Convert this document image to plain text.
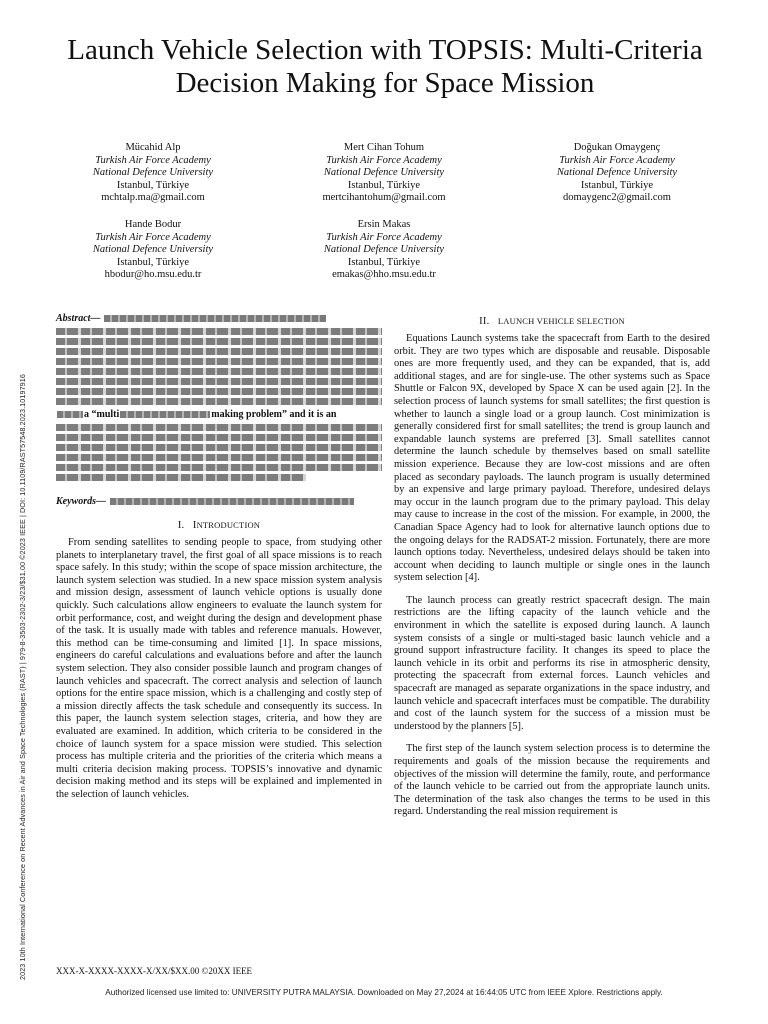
2023 10th International Conference on Recent Advances in Air and Space Technologies (RAST) | 979-8-3503-2302-3/23/$31.00 ©2023 IEEE | DOI: 10.1109/RAST57548.2023.10197916
Launch Vehicle Selection with TOPSIS: Multi-Criteria Decision Making for Space Mission
Mücahid Alp
Turkish Air Force Academy
National Defence University
Istanbul, Türkiye
mchtalp.ma@gmail.com
Mert Cihan Tohum
Turkish Air Force Academy
National Defence University
Istanbul, Türkiye
mertcihantohum@gmail.com
Doğukan Omaygenç
Turkish Air Force Academy
National Defence University
Istanbul, Türkiye
domaygenc2@gmail.com
Hande Bodur
Turkish Air Force Academy
National Defence University
Istanbul, Türkiye
hbodur@ho.msu.edu.tr
Ersin Makas
Turkish Air Force Academy
National Defence University
Istanbul, Türkiye
emakas@hho.msu.edu.tr
Abstract—
a “multi	making problem” and it is an
Keywords—
I. INTRODUCTION

From sending satellites to sending people to space, from studying other planets to interplanetary travel, the first goal of all space missions is to reach space safely. In this study; within the scope of space mission architecture, the launch system selection was studied. In a new space mission system analysis and mission design, assessment of launch vehicle options is usually done quickly. Such calculations allow engineers to evaluate the launch system for orbit performance, cost, and weight during the design and development phase of the task. It is usually made with tables and reference manuals. However, this method can be time-consuming and limited [1]. In space missions, engineers do careful calculations and evaluations before and after the launch system selection. They also consider possible launch and program changes of launch vehicles and spacecraft. The correct analysis and selection of launch options for the entire space mission, which is a challenging and costly step of a mission directly affects the task schedule and consequently its success. In this paper, the launch system selection stages, criteria, and how they are evaluated are examined. In addition, which criteria to be considered in the choice of launch system for a space mission were studied. This selection process has multiple criteria and the priorities of the criteria which means a multi criteria decision making process. TOPSIS’s innovative and dynamic decision making method and its steps will be explained and implemented in the selection of launch vehicles.

II. LAUNCH VEHICLE SELECTION

Equations Launch systems take the spacecraft from Earth to the desired orbit. They are two types which are disposable and reusable. Disposable ones are more frequently used, and they can be expanded, that is, add additional stages, and are for single-use. The other systems such as Space Shuttle or Falcon 9X, developed by Space X can be used again [2]. In the selection process of launch systems for small satellites; the first question is whether to launch a single load or a group launch. Cost minimization is generally considered first for small satellites; the trend is group launch and expandable launch systems are preferred [3]. Small satellites cannot determine the launch schedule by themselves based on small satellite mission experience. Because they are low-cost missions and are often placed as secondary payloads. The launch program is usually determined by an expensive and large primary payload. Therefore, undesired delays may occur in the launch program due to the primary payload. This delay may cause to increase in the cost of the mission. For example, in 2000, the Canadian Space Agency had to look for alternative launch options due to the ongoing delays for the RADSAT-2 mission. Fortunately, there are more launch options today. Nevertheless, undesired delays should be taken into account when deciding to launch multiple or single ones in the launch system selection [4].

The launch process can greatly restrict spacecraft design. The main restrictions are the lifting capacity of the launch vehicle and the environment in which the satellite is exposed during launch. A launch system consists of a single or multi-staged basic launch vehicle and a ground support infrastructure facility. It changes its speed to place the launch vehicle in its orbit and performs its rise in atmospheric density, protecting the spacecraft from external forces. Launch vehicles and spacecraft are managed as separate organizations in the space industry, and launch vehicle and spacecraft interfaces must be compatible. The durability and cost of the launch system for the success of a mission must be understood by the planners [5].

The first step of the launch system selection process is to determine the requirements and goals of the mission because the requirements and objectives of the mission will determine the family, route, and performance of the launch vehicle to be carried out from the appropriate launch units. The determination of the task also changes the terms to be used in this regard. Understanding the real mission requirement is

XXX-X-XXXX-XXXX-X/XX/$XX.00 ©20XX IEEE
Authorized licensed use limited to: UNIVERSITY PUTRA MALAYSIA. Downloaded on May 27,2024 at 16:44:05 UTC from IEEE Xplore. Restrictions apply.
